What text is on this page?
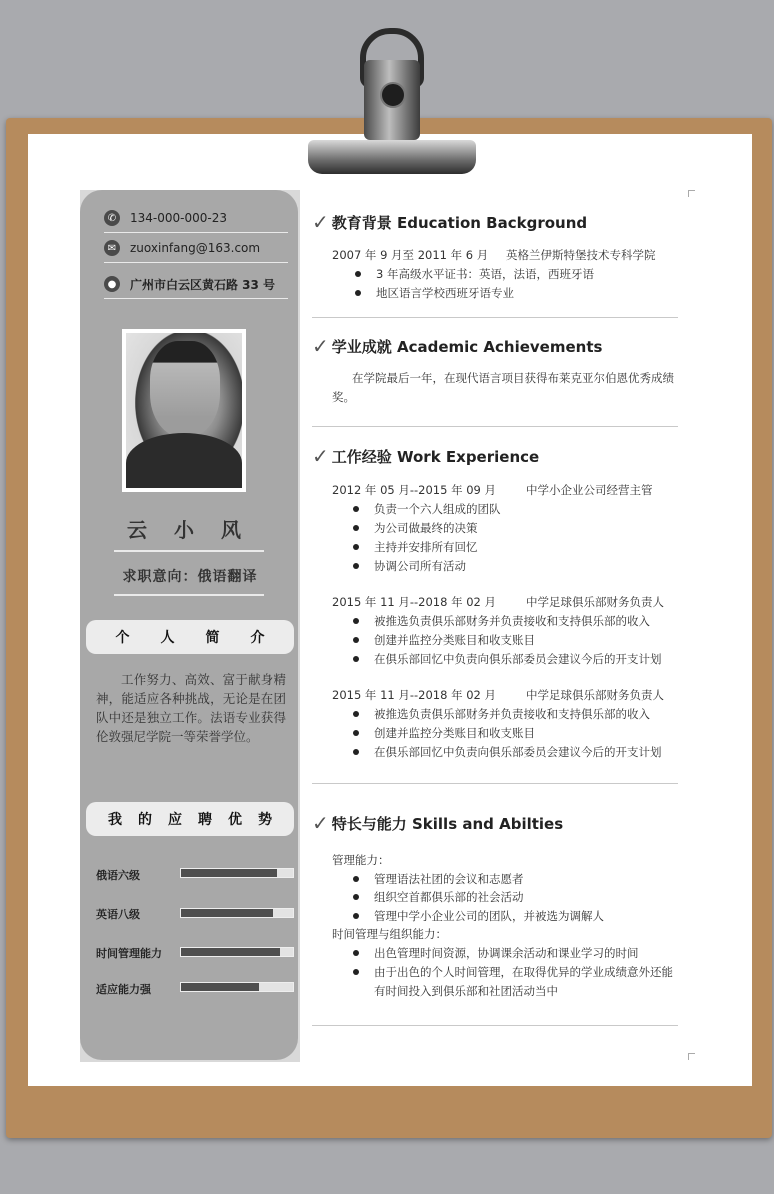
✆	134-000-000-23
✉	zuoxinfang@163.com
●	广州市白云区黄石路 33 号
云 小 风
求职意向：俄语翻译
个 人 简 介
工作努力、高效、富于献身精神，能适应各种挑战，无论是在团队中还是独立工作。法语专业获得伦敦强尼学院一等荣誉学位。
我 的 应 聘 优 势
俄语六级
英语八级
时间管理能力
适应能力强
✓ 教育背景 Education Background
2007 年 9 月至 2011 年 6 月 英格兰伊斯特堡技术专科学院
3 年高级水平证书：英语，法语，西班牙语
地区语言学校西班牙语专业
✓ 学业成就 Academic Achievements
在学院最后一年，在现代语言项目获得布莱克亚尔伯恩优秀成绩
奖。
✓ 工作经验 Work Experience
2012 年 05 月--2015 年 09 月	中学小企业公司经营主管
负责一个六人组成的团队
为公司做最终的决策
主持并安排所有回忆
协调公司所有活动
2015 年 11 月--2018 年 02 月	中学足球俱乐部财务负责人
被推选负责俱乐部财务并负责接收和支持俱乐部的收入
创建并监控分类账目和收支账目
在俱乐部回忆中负责向俱乐部委员会建议今后的开支计划
2015 年 11 月--2018 年 02 月	中学足球俱乐部财务负责人
被推选负责俱乐部财务并负责接收和支持俱乐部的收入
创建并监控分类账目和收支账目
在俱乐部回忆中负责向俱乐部委员会建议今后的开支计划
✓ 特长与能力 Skills and Abilties
管理能力：
管理语法社团的会议和志愿者
组织空首都俱乐部的社会活动
管理中学小企业公司的团队，并被选为调解人
时间管理与组织能力：
出色管理时间资源，协调课余活动和课业学习的时间
由于出色的个人时间管理，在取得优异的学业成绩意外还能
有时间投入到俱乐部和社团活动当中
